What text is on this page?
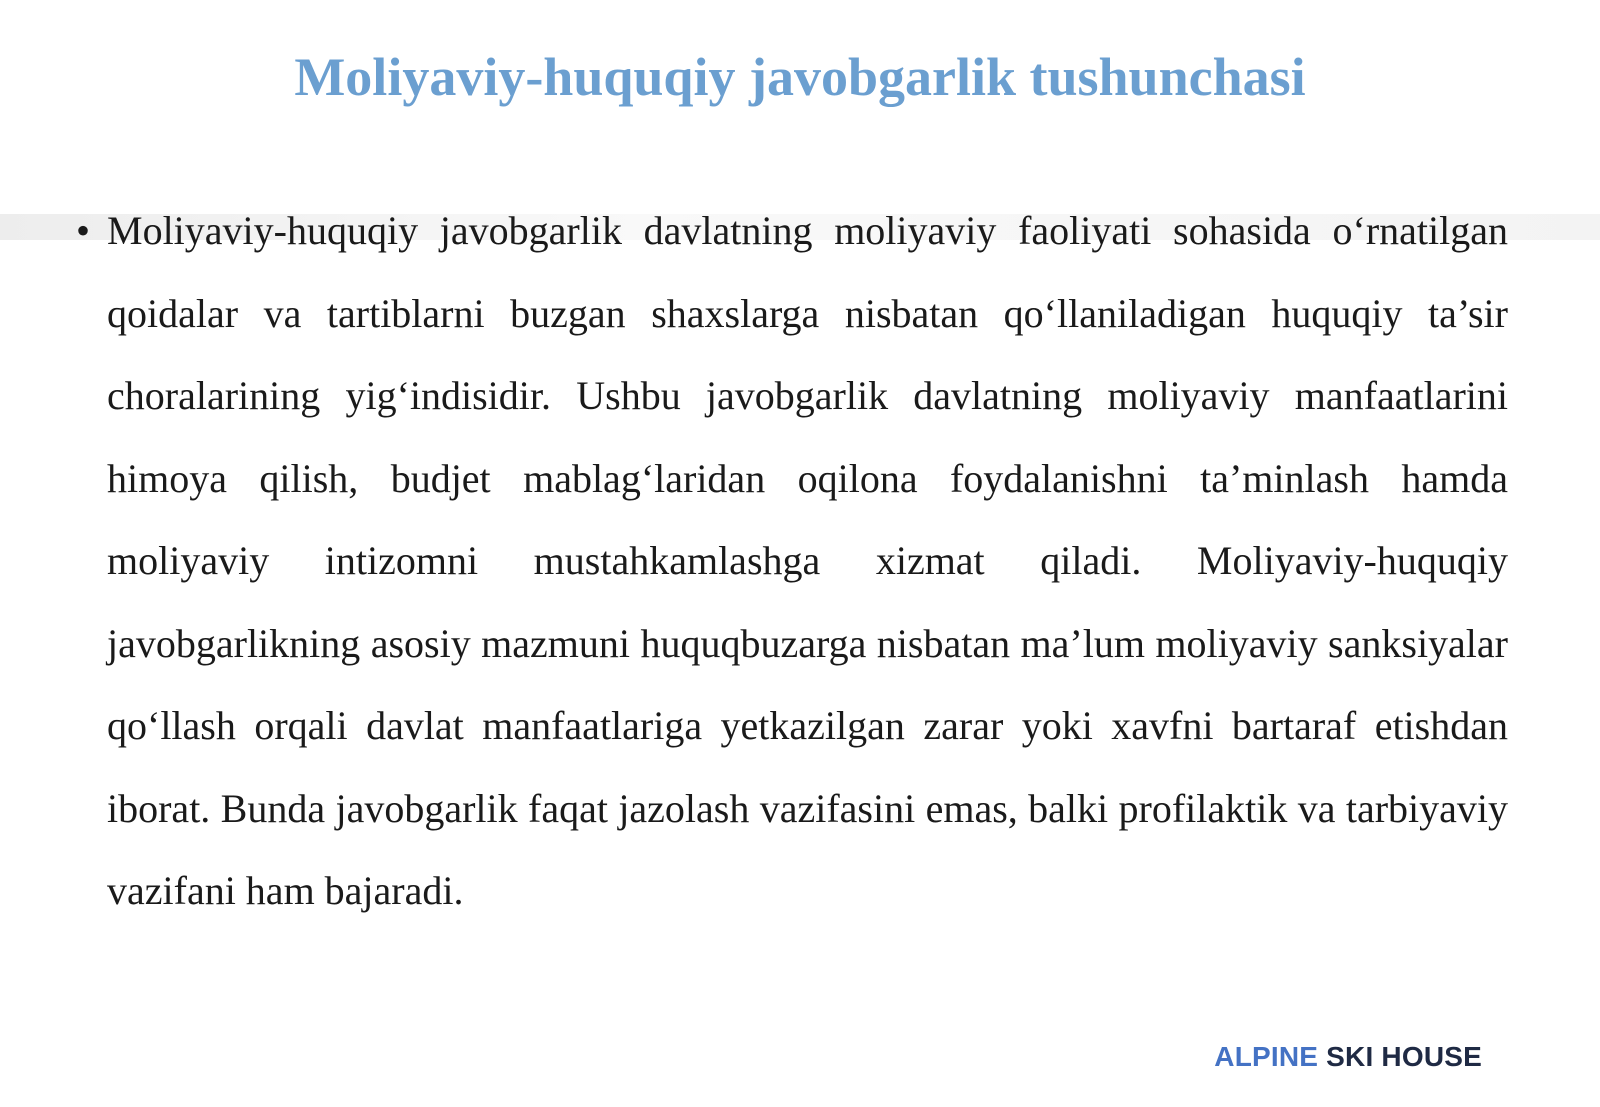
Moliyaviy-huquqiy javobgarlik tushunchasi
• Moliyaviy-huquqiy javobgarlik davlatning moliyaviy faoliyati sohasida o‘rnatilgan qoidalar va tartiblarni buzgan shaxslarga nisbatan qo‘llaniladigan huquqiy ta’sir choralarining yig‘indisidir. Ushbu javobgarlik davlatning moliyaviy manfaatlarini himoya qilish, budjet mablag‘laridan oqilona foydalanishni ta’minlash hamda moliyaviy intizomni mustahkamlashga xizmat qiladi. Moliyaviy-huquqiy javobgarlikning asosiy mazmuni huquqbuzarga nisbatan ma’lum moliyaviy sanksiyalar qo‘llash orqali davlat manfaatlariga yetkazilgan zarar yoki xavfni bartaraf etishdan iborat. Bunda javobgarlik faqat jazolash vazifasini emas, balki profilaktik va tarbiyaviy vazifani ham bajaradi.

ALPINE SKI HOUSE
